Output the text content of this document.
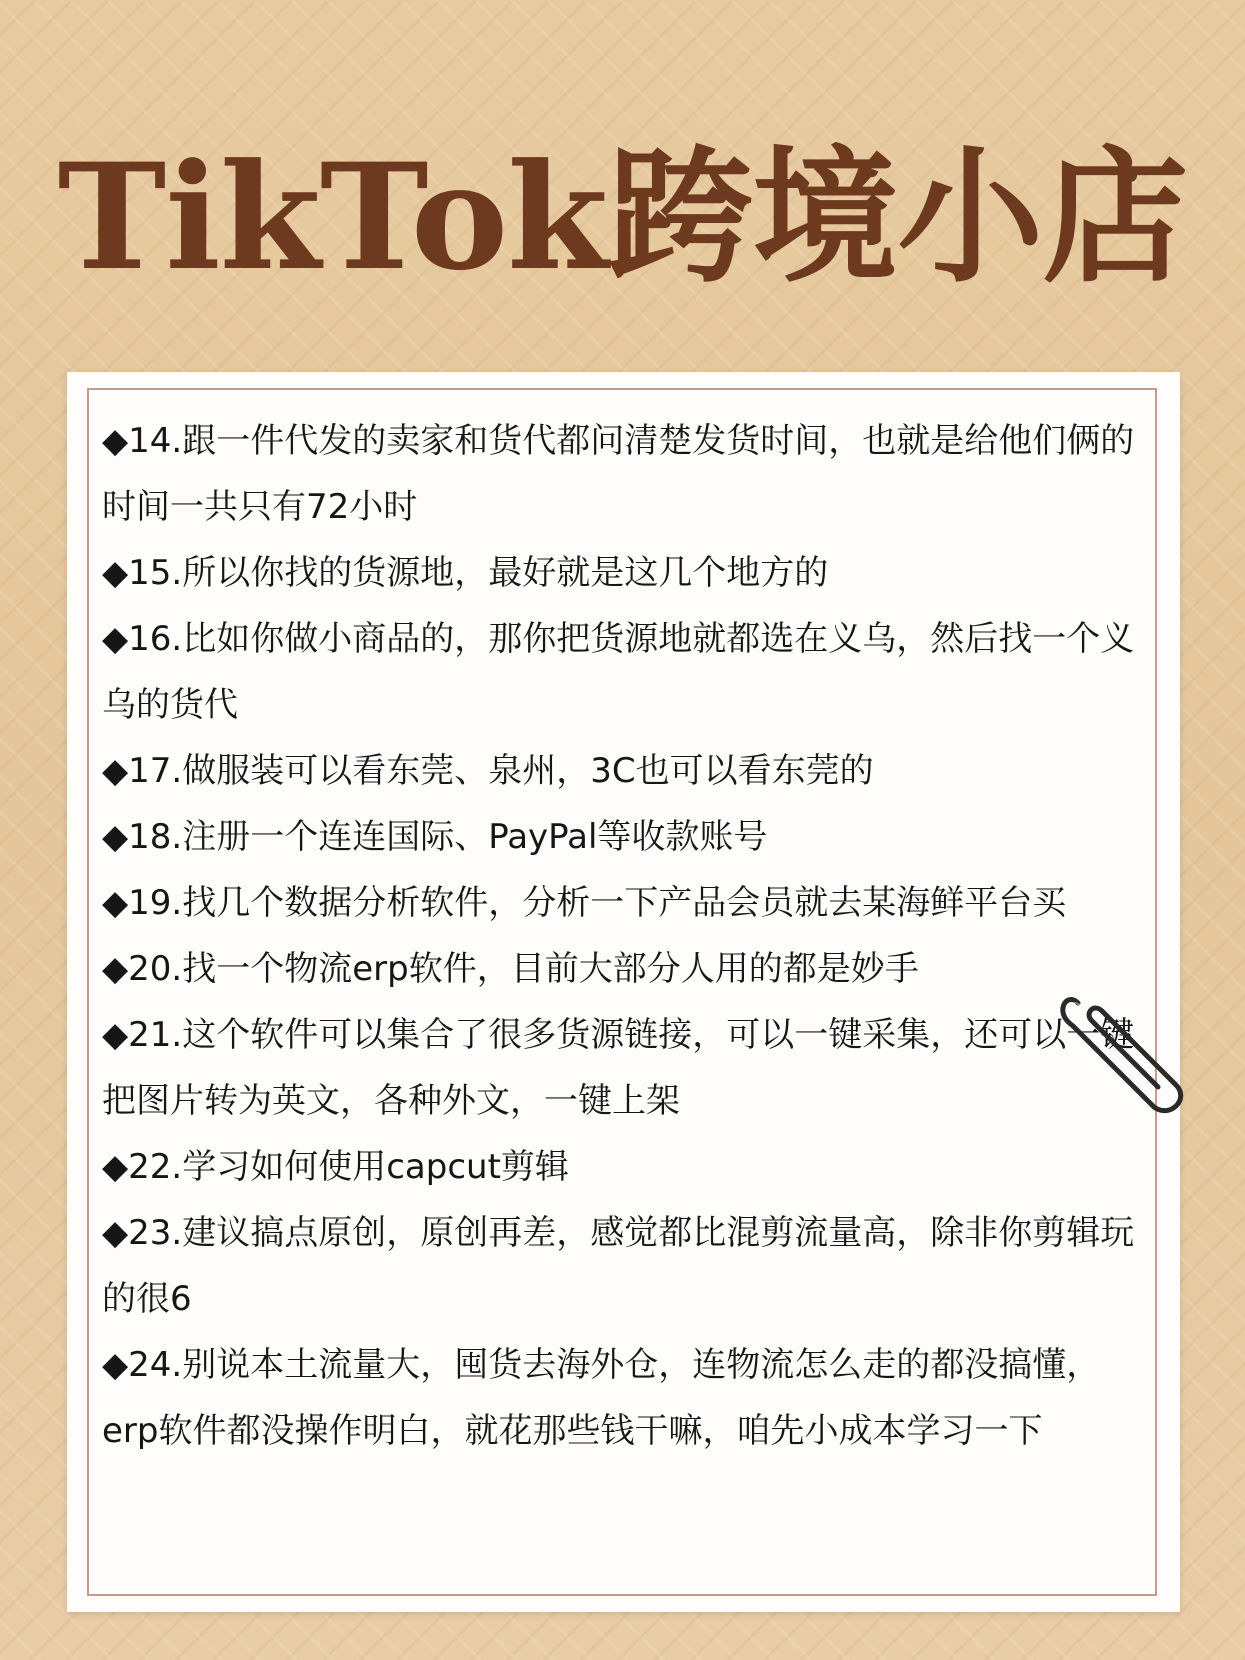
TikTok跨境小店

◆14.跟一件代发的卖家和货代都问清楚发货时间，也就是给他们俩的时间一共只有72小时

◆15.所以你找的货源地，最好就是这几个地方的

◆16.比如你做小商品的，那你把货源地就都选在义乌，然后找一个义乌的货代

◆17.做服装可以看东莞、泉州，3C也可以看东莞的

◆18.注册一个连连国际、PayPal等收款账号

◆19.找几个数据分析软件，分析一下产品会员就去某海鲜平台买

◆20.找一个物流erp软件，目前大部分人用的都是妙手

◆21.这个软件可以集合了很多货源链接，可以一键采集，还可以一键把图片转为英文，各种外文，一键上架

◆22.学习如何使用capcut剪辑

◆23.建议搞点原创，原创再差，感觉都比混剪流量高，除非你剪辑玩的很6

◆24.别说本土流量大，囤货去海外仓，连物流怎么走的都没搞懂，erp软件都没操作明白，就花那些钱干嘛，咱先小成本学习一下
